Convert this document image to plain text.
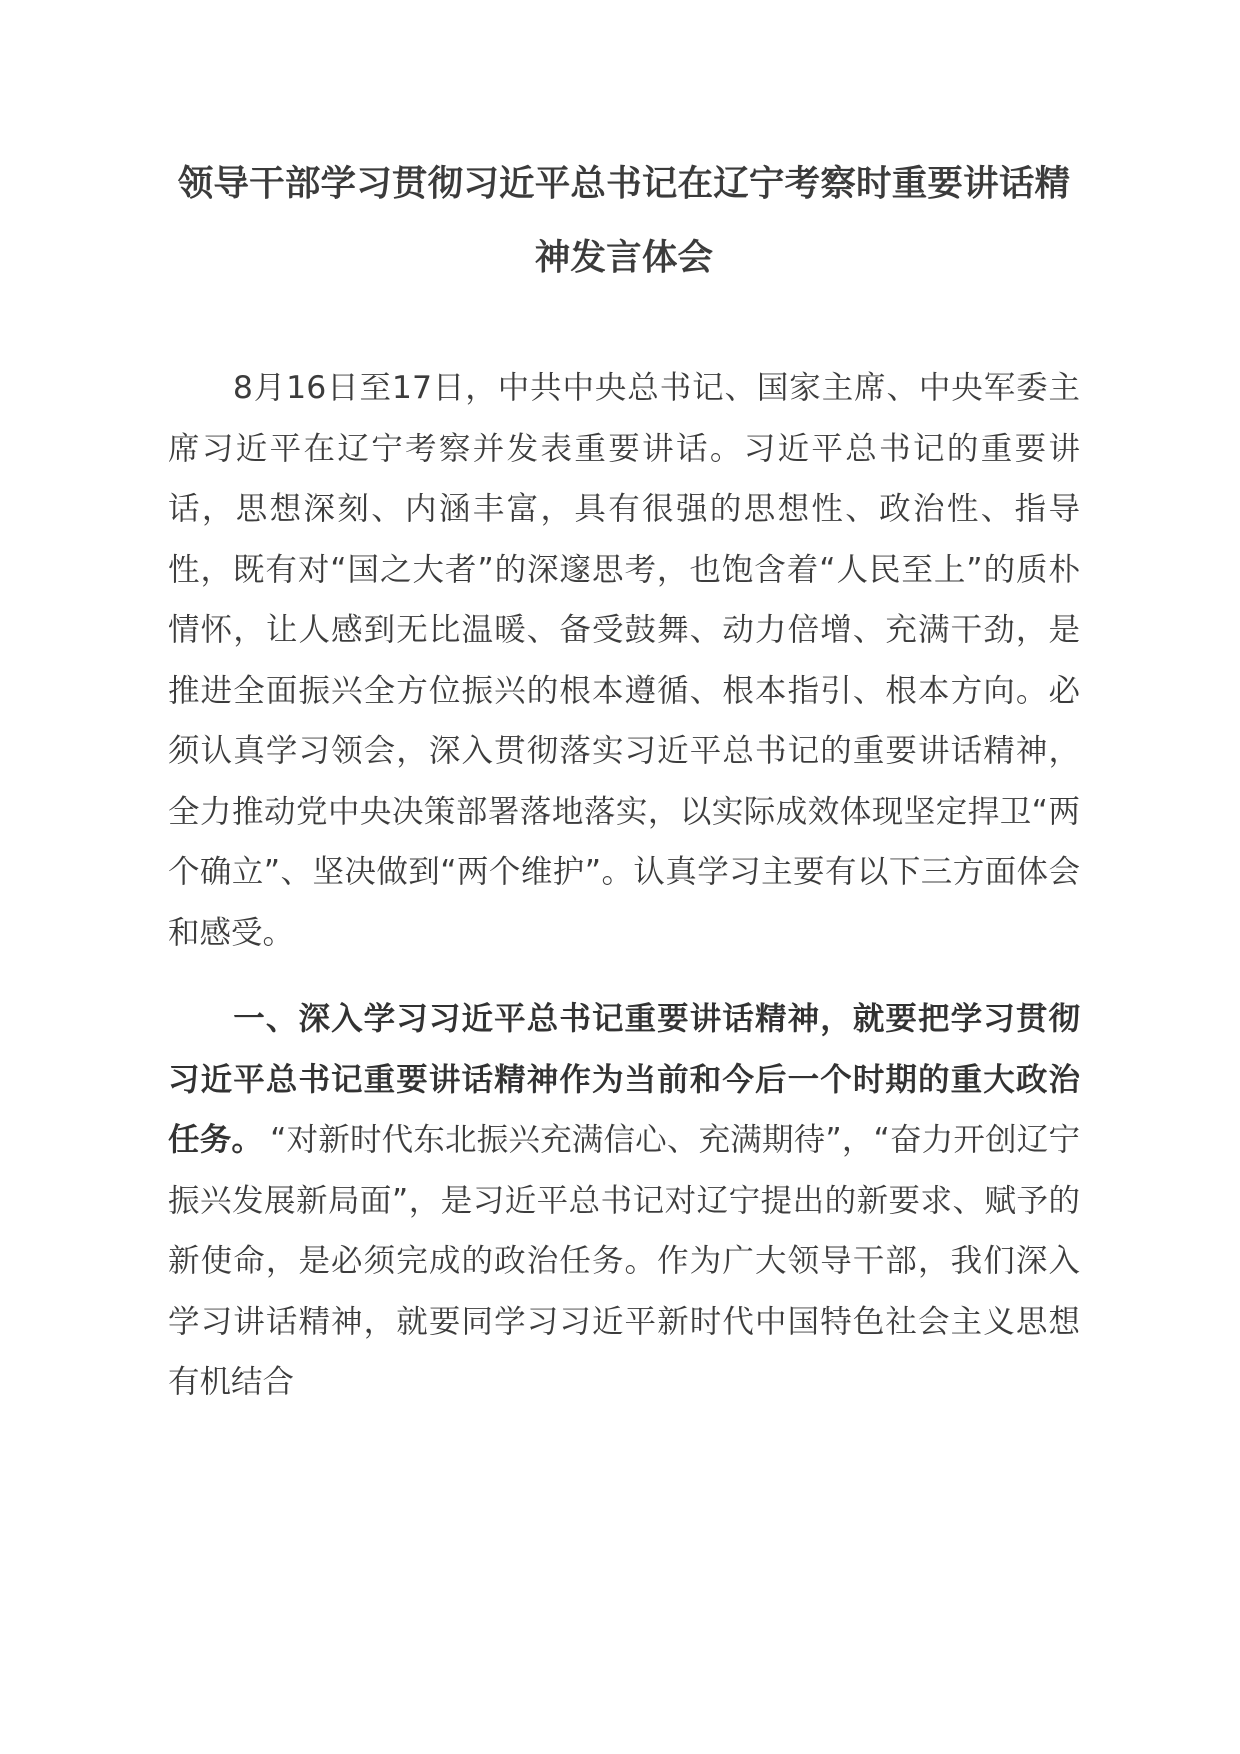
领导干部学习贯彻习近平总书记在辽宁考察时重要讲话精
神发言体会

8月16日至17日，中共中央总书记、国家主席、中央军委主席习近平在辽宁考察并发表重要讲话。习近平总书记的重要讲话，思想深刻、内涵丰富，具有很强的思想性、政治性、指导性，既有对“国之大者”的深邃思考，也饱含着“人民至上”的质朴情怀，让人感到无比温暖、备受鼓舞、动力倍增、充满干劲，是推进全面振兴全方位振兴的根本遵循、根本指引、根本方向。必须认真学习领会，深入贯彻落实习近平总书记的重要讲话精神，全力推动党中央决策部署落地落实，以实际成效体现坚定捍卫“两个确立”、坚决做到“两个维护”。认真学习主要有以下三方面体会和感受。

一、深入学习习近平总书记重要讲话精神，就要把学习贯彻习近平总书记重要讲话精神作为当前和今后一个时期的重大政治任务。 “对新时代东北振兴充满信心、充满期待”，“奋力开创辽宁振兴发展新局面”，是习近平总书记对辽宁提出的新要求、赋予的新使命，是必须完成的政治任务。作为广大领导干部，我们深入学习讲话精神，就要同学习习近平新时代中国特色社会主义思想有机结合
